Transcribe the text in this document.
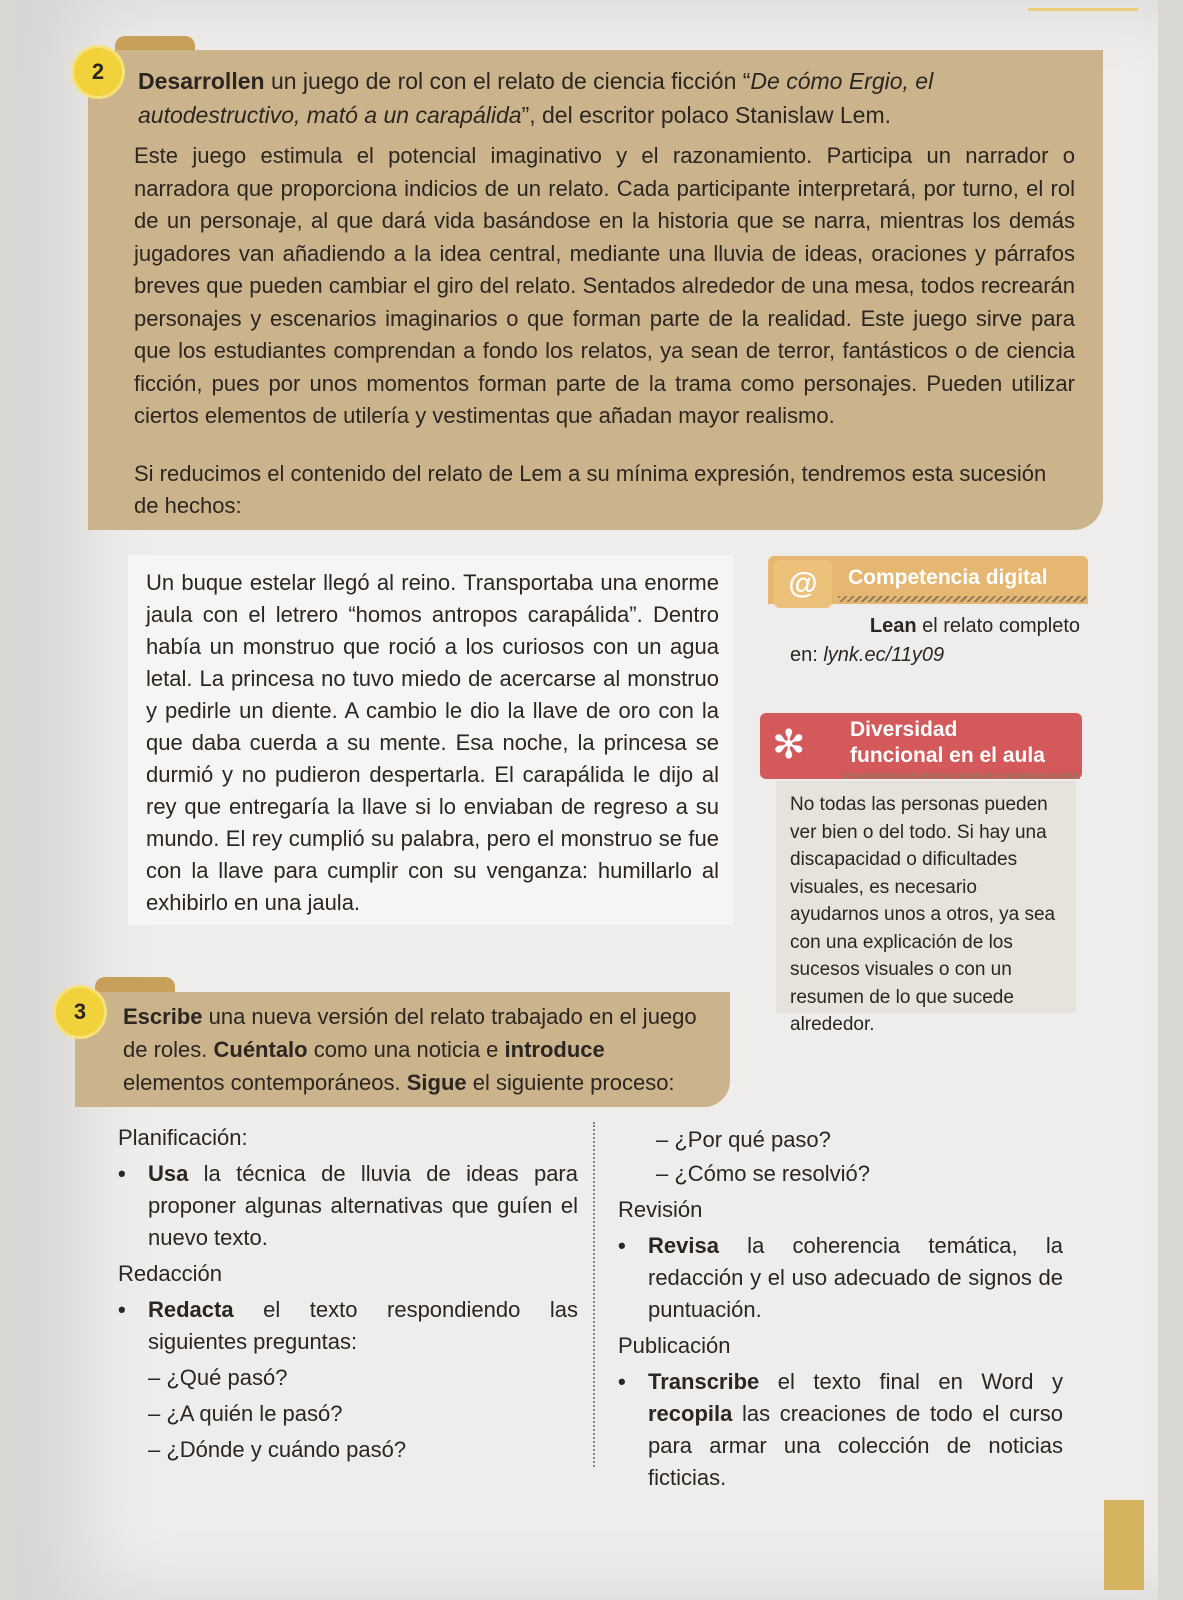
Desarrollen un juego de rol con el relato de ciencia ficción “De cómo Ergio, el autodestructivo, mató a un carapálida”, del escritor polaco Stanislaw Lem.
Este juego estimula el potencial imaginativo y el razonamiento. Participa un narrador o narradora que proporciona indicios de un relato. Cada participante interpretará, por turno, el rol de un personaje, al que dará vida basándose en la historia que se narra, mientras los demás jugadores van añadiendo a la idea central, mediante una lluvia de ideas, oraciones y párrafos breves que pueden cambiar el giro del relato. Sentados alrededor de una mesa, todos recrearán personajes y escenarios imaginarios o que forman parte de la realidad. Este juego sirve para que los estudiantes comprendan a fondo los relatos, ya sean de terror, fantásticos o de ciencia ficción, pues por unos momentos forman parte de la trama como personajes. Pueden utilizar ciertos elementos de utilería y vestimentas que añadan mayor realismo.
Si reducimos el contenido del relato de Lem a su mínima expresión, tendremos esta sucesión de hechos:
2
Un buque estelar llegó al reino. Transportaba una enorme jaula con el letrero “homos antropos carapálida”. Dentro había un monstruo que roció a los curiosos con un agua letal. La princesa no tuvo miedo de acercarse al monstruo y pedirle un diente. A cambio le dio la llave de oro con la que daba cuerda a su mente. Esa noche, la princesa se durmió y no pudieron despertarla. El carapálida le dijo al rey que entregaría la llave si lo enviaban de regreso a su mundo. El rey cumplió su palabra, pero el monstruo se fue con la llave para cumplir con su venganza: humillarlo al exhibirlo en una jaula.
@	Competencia digital
Lean el relato completo
en: lynk.ec/11y09
✻ Diversidad
funcional en el aula
No todas las personas pueden ver bien o del todo. Si hay una discapacidad o dificultades visuales, es necesario ayudarnos unos a otros, ya sea con una explicación de los sucesos visuales o con un resumen de lo que sucede alrededor.
Escribe una nueva versión del relato trabajado en el juego de roles. Cuéntalo como una noticia e introduce elementos contemporáneos. Sigue el siguiente proceso:
3
Planificación:
•	Usa la técnica de lluvia de ideas para proponer algunas alternativas que guíen el nuevo texto.
Redacción
•	Redacta el texto respondiendo las siguientes preguntas:
– ¿Qué pasó?
– ¿A quién le pasó?
– ¿Dónde y cuándo pasó?
– ¿Por qué paso?
– ¿Cómo se resolvió?
Revisión
•	Revisa la coherencia temática, la redacción y el uso adecuado de signos de puntuación.
Publicación
•	Transcribe el texto final en Word y recopila las creaciones de todo el curso para armar una colección de noticias ficticias.
